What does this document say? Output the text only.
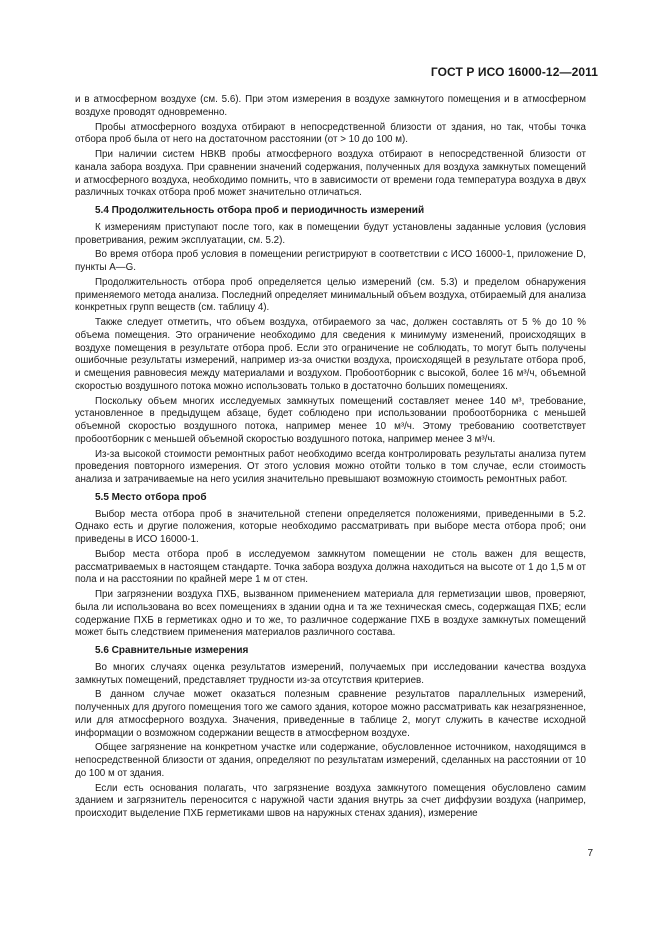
ГОСТ Р ИСО 16000-12—2011

и в атмосферном воздухе (см. 5.6). При этом измерения в воздухе замкнутого помещения и в атмосферном воздухе проводят одновременно.

Пробы атмосферного воздуха отбирают в непосредственной близости от здания, но так, чтобы точка отбора проб была от него на достаточном расстоянии (от > 10 до 100 м).

При наличии систем НВКВ пробы атмосферного воздуха отбирают в непосредственной близости от канала забора воздуха. При сравнении значений содержания, полученных для воздуха замкнутых помещений и атмосферного воздуха, необходимо помнить, что в зависимости от времени года температура воздуха в двух различных точках отбора проб может значительно отличаться.

5.4 Продолжительность отбора проб и периодичность измерений

К измерениям приступают после того, как в помещении будут установлены заданные условия (условия проветривания, режим эксплуатации, см. 5.2).

Во время отбора проб условия в помещении регистрируют в соответствии с ИСО 16000-1, приложение D, пункты А—G.

Продолжительность отбора проб определяется целью измерений (см. 5.3) и пределом обнаружения применяемого метода анализа. Последний определяет минимальный объем воздуха, отбираемый для анализа конкретных групп веществ (см. таблицу 4).

Также следует отметить, что объем воздуха, отбираемого за час, должен составлять от 5 % до 10 % объема помещения. Это ограничение необходимо для сведения к минимуму изменений, происходящих в воздухе помещения в результате отбора проб. Если это ограничение не соблюдать, то могут быть получены ошибочные результаты измерений, например из-за очистки воздуха, происходящей в результате отбора проб, и смещения равновесия между материалами и воздухом. Пробоотборник с высокой, более 16 м³/ч, объемной скоростью воздушного потока можно использовать только в достаточно больших помещениях.

Поскольку объем многих исследуемых замкнутых помещений составляет менее 140 м³, требование, установленное в предыдущем абзаце, будет соблюдено при использовании пробоотборника с меньшей объемной скоростью воздушного потока, например менее 10 м³/ч. Этому требованию соответствует пробоотборник с меньшей объемной скоростью воздушного потока, например менее 3 м³/ч.

Из-за высокой стоимости ремонтных работ необходимо всегда контролировать результаты анализа путем проведения повторного измерения. От этого условия можно отойти только в том случае, если стоимость анализа и затрачиваемые на него усилия значительно превышают возможную стоимость ремонтных работ.

5.5 Место отбора проб

Выбор места отбора проб в значительной степени определяется положениями, приведенными в 5.2. Однако есть и другие положения, которые необходимо рассматривать при выборе места отбора проб; они приведены в ИСО 16000-1.

Выбор места отбора проб в исследуемом замкнутом помещении не столь важен для веществ, рассматриваемых в настоящем стандарте. Точка забора воздуха должна находиться на высоте от 1 до 1,5 м от пола и на расстоянии по крайней мере 1 м от стен.

При загрязнении воздуха ПХБ, вызванном применением материала для герметизации швов, проверяют, была ли использована во всех помещениях в здании одна и та же техническая смесь, содержащая ПХБ; если содержание ПХБ в герметиках одно и то же, то различное содержание ПХБ в воздухе замкнутых помещений может быть следствием применения материалов различного состава.

5.6 Сравнительные измерения

Во многих случаях оценка результатов измерений, получаемых при исследовании качества воздуха замкнутых помещений, представляет трудности из-за отсутствия критериев.

В данном случае может оказаться полезным сравнение результатов параллельных измерений, полученных для другого помещения того же самого здания, которое можно рассматривать как незагрязненное, или для атмосферного воздуха. Значения, приведенные в таблице 2, могут служить в качестве исходной информации о возможном содержании веществ в атмосферном воздухе.

Общее загрязнение на конкретном участке или содержание, обусловленное источником, находящимся в непосредственной близости от здания, определяют по результатам измерений, сделанных на расстоянии от 10 до 100 м от здания.

Если есть основания полагать, что загрязнение воздуха замкнутого помещения обусловлено самим зданием и загрязнитель переносится с наружной части здания внутрь за счет диффузии воздуха (например, происходит выделение ПХБ герметиками швов на наружных стенах здания), измерение

7
